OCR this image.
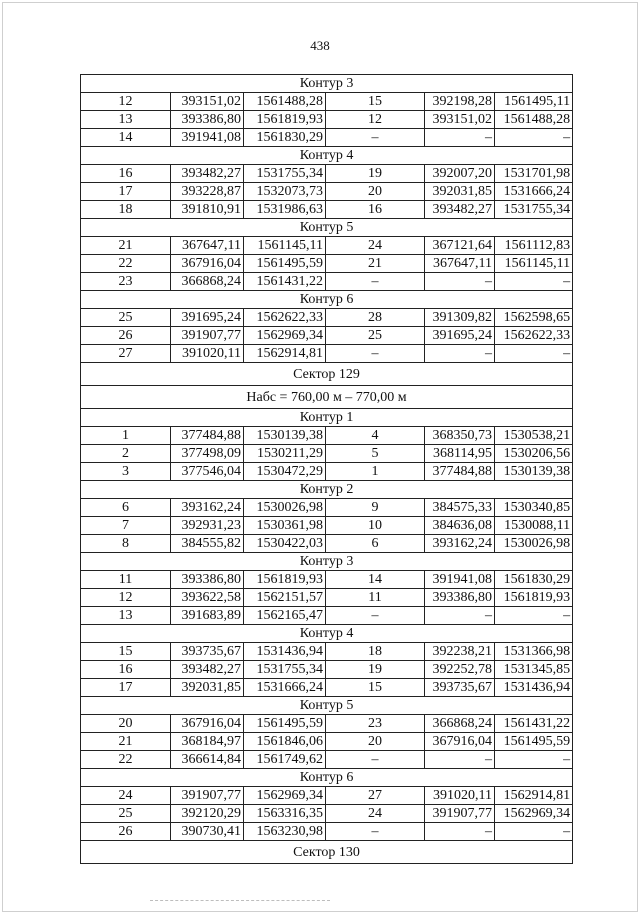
438
Контур 3					
12	393151,02	1561488,28	15	392198,28	1561495,11
13	393386,80	1561819,93	12	393151,02	1561488,28
14	391941,08	1561830,29	–	–	–
Контур 4					
16	393482,27	1531755,34	19	392007,20	1531701,98
17	393228,87	1532073,73	20	392031,85	1531666,24
18	391810,91	1531986,63	16	393482,27	1531755,34
Контур 5					
21	367647,11	1561145,11	24	367121,64	1561112,83
22	367916,04	1561495,59	21	367647,11	1561145,11
23	366868,24	1561431,22	–	–	–
Контур 6					
25	391695,24	1562622,33	28	391309,82	1562598,65
26	391907,77	1562969,34	25	391695,24	1562622,33
27	391020,11	1562914,81	–	–	–
Сектор 129					
Набс = 760,00 м – 770,00 м					
Контур 1					
1	377484,88	1530139,38	4	368350,73	1530538,21
2	377498,09	1530211,29	5	368114,95	1530206,56
3	377546,04	1530472,29	1	377484,88	1530139,38
Контур 2					
6	393162,24	1530026,98	9	384575,33	1530340,85
7	392931,23	1530361,98	10	384636,08	1530088,11
8	384555,82	1530422,03	6	393162,24	1530026,98
Контур 3					
11	393386,80	1561819,93	14	391941,08	1561830,29
12	393622,58	1562151,57	11	393386,80	1561819,93
13	391683,89	1562165,47	–	–	–
Контур 4					
15	393735,67	1531436,94	18	392238,21	1531366,98
16	393482,27	1531755,34	19	392252,78	1531345,85
17	392031,85	1531666,24	15	393735,67	1531436,94
Контур 5					
20	367916,04	1561495,59	23	366868,24	1561431,22
21	368184,97	1561846,06	20	367916,04	1561495,59
22	366614,84	1561749,62	–	–	–
Контур 6					
24	391907,77	1562969,34	27	391020,11	1562914,81
25	392120,29	1563316,35	24	391907,77	1562969,34
26	390730,41	1563230,98	–	–	–
Сектор 130					
